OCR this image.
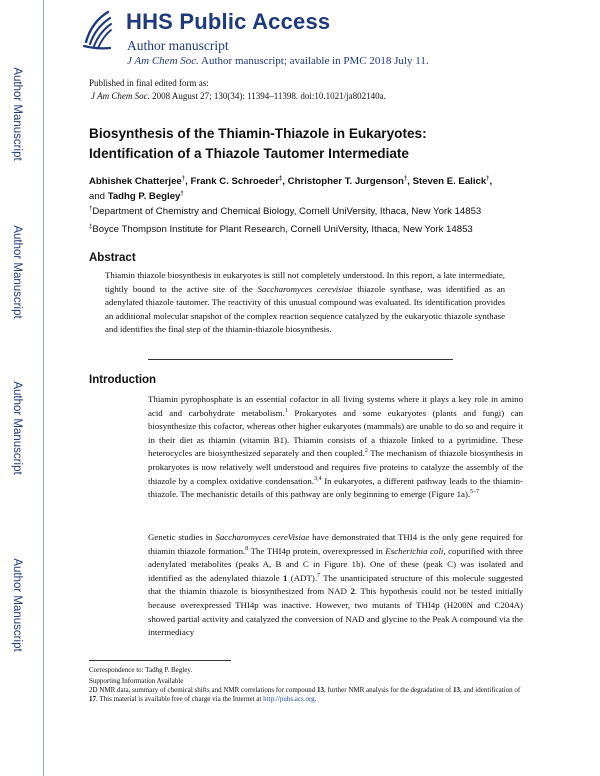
Author Manuscript
Author Manuscript
Author Manuscript
Author Manuscript
HHS Public Access
Author manuscript
J Am Chem Soc. Author manuscript; available in PMC 2018 July 11.
Published in final edited form as:
J Am Chem Soc. 2008 August 27; 130(34): 11394–11398. doi:10.1021/ja802140a.
Biosynthesis of the Thiamin-Thiazole in Eukaryotes:
Identification of a Thiazole Tautomer Intermediate
Abhishek Chatterjee†, Frank C. Schroeder‡, Christopher T. Jurgenson†, Steven E. Ealick†,
and Tadhg P. Begley†
†Department of Chemistry and Chemical Biology, Cornell UniVersity, Ithaca, New York 14853
‡Boyce Thompson Institute for Plant Research, Cornell UniVersity, Ithaca, New York 14853
Abstract
Thiamin thiazole biosynthesis in eukaryotes is still not completely understood. In this report, a late intermediate, tightly bound to the active site of the Saccharomyces cerevisiae thiazole synthase, was identified as an adenylated thiazole tautomer. The reactivity of this unusual compound was evaluated. Its identification provides an additional molecular snapshot of the complex reaction sequence catalyzed by the eukaryotic thiazole synthase and identifies the final step of the thiamin-thiazole biosynthesis.
Introduction
Thiamin pyrophosphate is an essential cofactor in all living systems where it plays a key role in amino acid and carbohydrate metabolism.$^1$ Prokaryotes and some eukaryotes (plants and fungi) can biosynthesize this cofactor, whereas other higher eukaryotes (mammals) are unable to do so and require it in their diet as thiamin (vitamin B1). Thiamin consists of a thiazole linked to a pyrimidine. These heterocycles are biosynthesized separately and then coupled.$^2$ The mechanism of thiazole biosynthesis in prokaryotes is now relatively well understood and requires five proteins to catalyze the assembly of the thiazole by a complex oxidative condensation.$^{3,4}$ In eukaryotes, a different pathway leads to the thiamin-thiazole. The mechanistic details of this pathway are only beginning to emerge (Figure 1a).$^{5-7}$
Genetic studies in Saccharomyces cereVisiae have demonstrated that THI4 is the only gene required for thiamin thiazole formation.$^8$ The THI4p protein, overexpressed in Escherichia coli, copurified with three adenylated metabolites (peaks A, B and C in Figure 1b). One of these (peak C) was isolated and identified as the adenylated thiazole 1 (ADT).$^7$ The unanticipated structure of this molecule suggested that the thiamin thiazole is biosynthesized from NAD 2. This hypothesis could not be tested initially because overexpressed THI4p was inactive. However, two mutants of THI4p (H200N and C204A) showed partial activity and catalyzed the conversion of NAD and glycine to the Peak A compound via the intermediacy
Correspondence to: Tadhg P. Begley.
Supporting Information Available
2D NMR data, summary of chemical shifts and NMR correlations for compound 13, further NMR analysis for the degradation of 13, and identification of 17. This material is available free of charge via the Internet at http://pubs.acs.org.
